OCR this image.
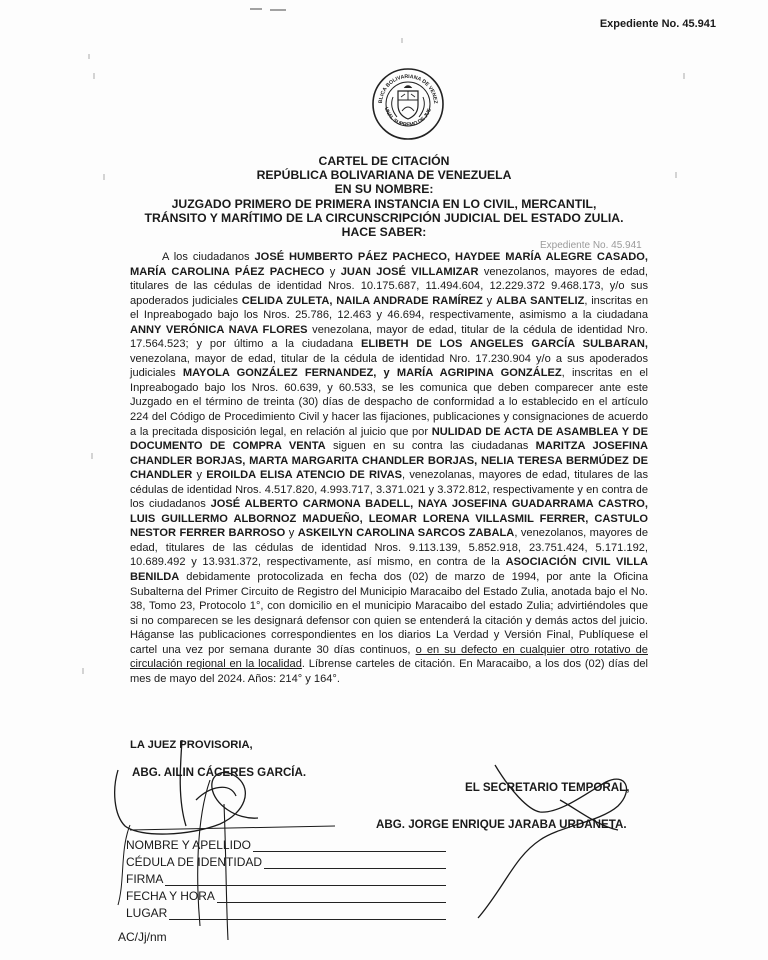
Expediente No. 45.941
BLICA BOLIVARIANA DE VENEZ
UNAL SUPREMO DE JUS
CARTEL DE CITACIÓN
REPÚBLICA BOLIVARIANA DE VENEZUELA
EN SU NOMBRE:
JUZGADO PRIMERO DE PRIMERA INSTANCIA EN LO CIVIL, MERCANTIL,
TRÁNSITO Y MARÍTIMO DE LA CIRCUNSCRIPCIÓN JUDICIAL DEL ESTADO ZULIA.
HACE SABER:
Expediente No. 45.941

A los ciudadanos JOSÉ HUMBERTO PÁEZ PACHECO, HAYDEE MARÍA ALEGRE CASADO, MARÍA CAROLINA PÁEZ PACHECO y JUAN JOSÉ VILLAMIZAR venezolanos, mayores de edad, titulares de las cédulas de identidad Nros. 10.175.687, 11.494.604, 12.229.372 9.468.173, y/o sus apoderados judiciales CELIDA ZULETA, NAILA ANDRADE RAMÍREZ y ALBA SANTELIZ, inscritas en el Inpreabogado bajo los Nros. 25.786, 12.463 y 46.694, respectivamente, asimismo a la ciudadana ANNY VERÓNICA NAVA FLORES venezolana, mayor de edad, titular de la cédula de identidad Nro. 17.564.523; y por último a la ciudadana ELIBETH DE LOS ANGELES GARCÍA SULBARAN, venezolana, mayor de edad, titular de la cédula de identidad Nro. 17.230.904 y/o a sus apoderados judiciales MAYOLA GONZÁLEZ FERNANDEZ, y MARÍA AGRIPINA GONZÁLEZ, inscritas en el Inpreabogado bajo los Nros. 60.639, y 60.533, se les comunica que deben comparecer ante este Juzgado en el término de treinta (30) días de despacho de conformidad a lo establecido en el artículo 224 del Código de Procedimiento Civil y hacer las fijaciones, publicaciones y consignaciones de acuerdo a la precitada disposición legal, en relación al juicio que por NULIDAD DE ACTA DE ASAMBLEA Y DE DOCUMENTO DE COMPRA VENTA siguen en su contra las ciudadanas MARITZA JOSEFINA CHANDLER BORJAS, MARTA MARGARITA CHANDLER BORJAS, NELIA TERESA BERMÚDEZ DE CHANDLER y EROILDA ELISA ATENCIO DE RIVAS, venezolanas, mayores de edad, titulares de las cédulas de identidad Nros. 4.517.820, 4.993.717, 3.371.021 y 3.372.812, respectivamente y en contra de los ciudadanos JOSÉ ALBERTO CARMONA BADELL, NAYA JOSEFINA GUADARRAMA CASTRO, LUIS GUILLERMO ALBORNOZ MADUEÑO, LEOMAR LORENA VILLASMIL FERRER, CASTULO NESTOR FERRER BARROSO y ASKEILYN CAROLINA SARCOS ZABALA, venezolanos, mayores de edad, titulares de las cédulas de identidad Nros. 9.113.139, 5.852.918, 23.751.424, 5.171.192, 10.689.492 y 13.931.372, respectivamente, así mismo, en contra de la ASOCIACIÓN CIVIL VILLA BENILDA debidamente protocolizada en fecha dos (02) de marzo de 1994, por ante la Oficina Subalterna del Primer Circuito de Registro del Municipio Maracaibo del Estado Zulia, anotada bajo el No. 38, Tomo 23, Protocolo 1°, con domicilio en el municipio Maracaibo del estado Zulia; advirtiéndoles que si no comparecen se les designará defensor con quien se entenderá la citación y demás actos del juicio. Háganse las publicaciones correspondientes en los diarios La Verdad y Versión Final, Publíquese el cartel una vez por semana durante 30 días continuos, o en su defecto en cualquier otro rotativo de circulación regional en la localidad. Líbrense carteles de citación. En Maracaibo, a los dos (02) días del mes de mayo del 2024. Años: 214° y 164°.

LA JUEZ PROVISORIA,
ABG. AILIN CÁCERES GARCÍA.
EL SECRETARIO TEMPORAL,
ABG. JORGE ENRIQUE JARABA URDANETA.
NOMBRE Y APELLIDO
CÉDULA DE IDENTIDAD
FIRMA
FECHA Y HORA
LUGAR
AC/Jj/nm
